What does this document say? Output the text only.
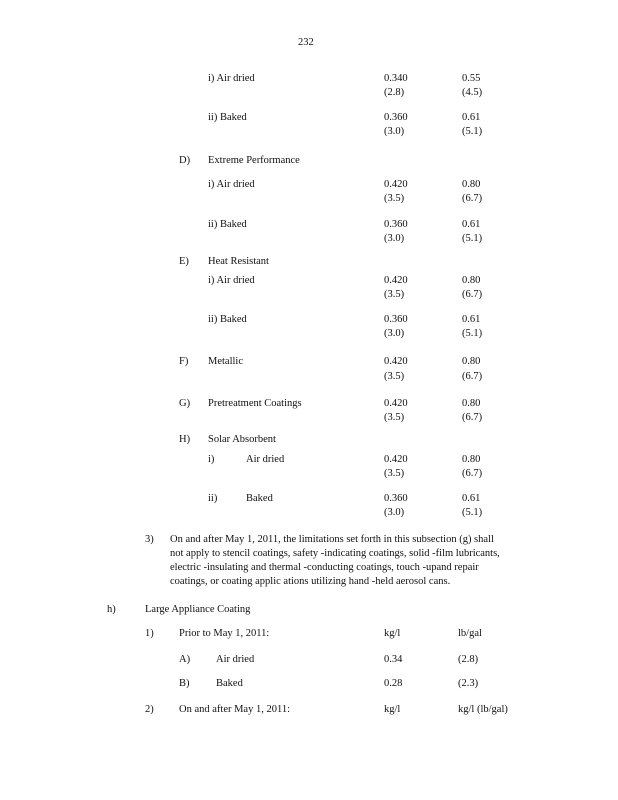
232
i) Air dried	0.340	0.55
(2.8)	(4.5)
ii) Baked	0.360	0.61
(3.0)	(5.1)
D) Extreme Performance
i) Air dried	0.420	0.80
(3.5)	(6.7)
ii) Baked	0.360	0.61
(3.0)	(5.1)
E) Heat Resistant
i) Air dried	0.420	0.80
(3.5)	(6.7)
ii) Baked	0.360	0.61
(3.0)	(5.1)
F) Metallic	0.420	0.80
(3.5)	(6.7)
G) Pretreatment Coatings	0.420	0.80
(3.5)	(6.7)
H) Solar Absorbent
i)	Air dried	0.420	0.80
(3.5)	(6.7)
ii)	Baked	0.360	0.61
(3.0)	(5.1)
3) On and after May 1, 2011, the limitations set forth in this subsection (g) shall
not apply to stencil coatings, safety -indicating coatings, solid -film lubricants,
electric -insulating and thermal -conducting coatings, touch -upand repair
coatings, or coating applic ations utilizing hand -held aerosol cans.
h)	Large Appliance Coating
1) Prior to May 1, 2011:	kg/l	lb/gal
A) Air dried	0.34	(2.8)
B)	Baked	0.28	(2.3)
2) On and after May 1, 2011:	kg/l	kg/l (lb/gal)
